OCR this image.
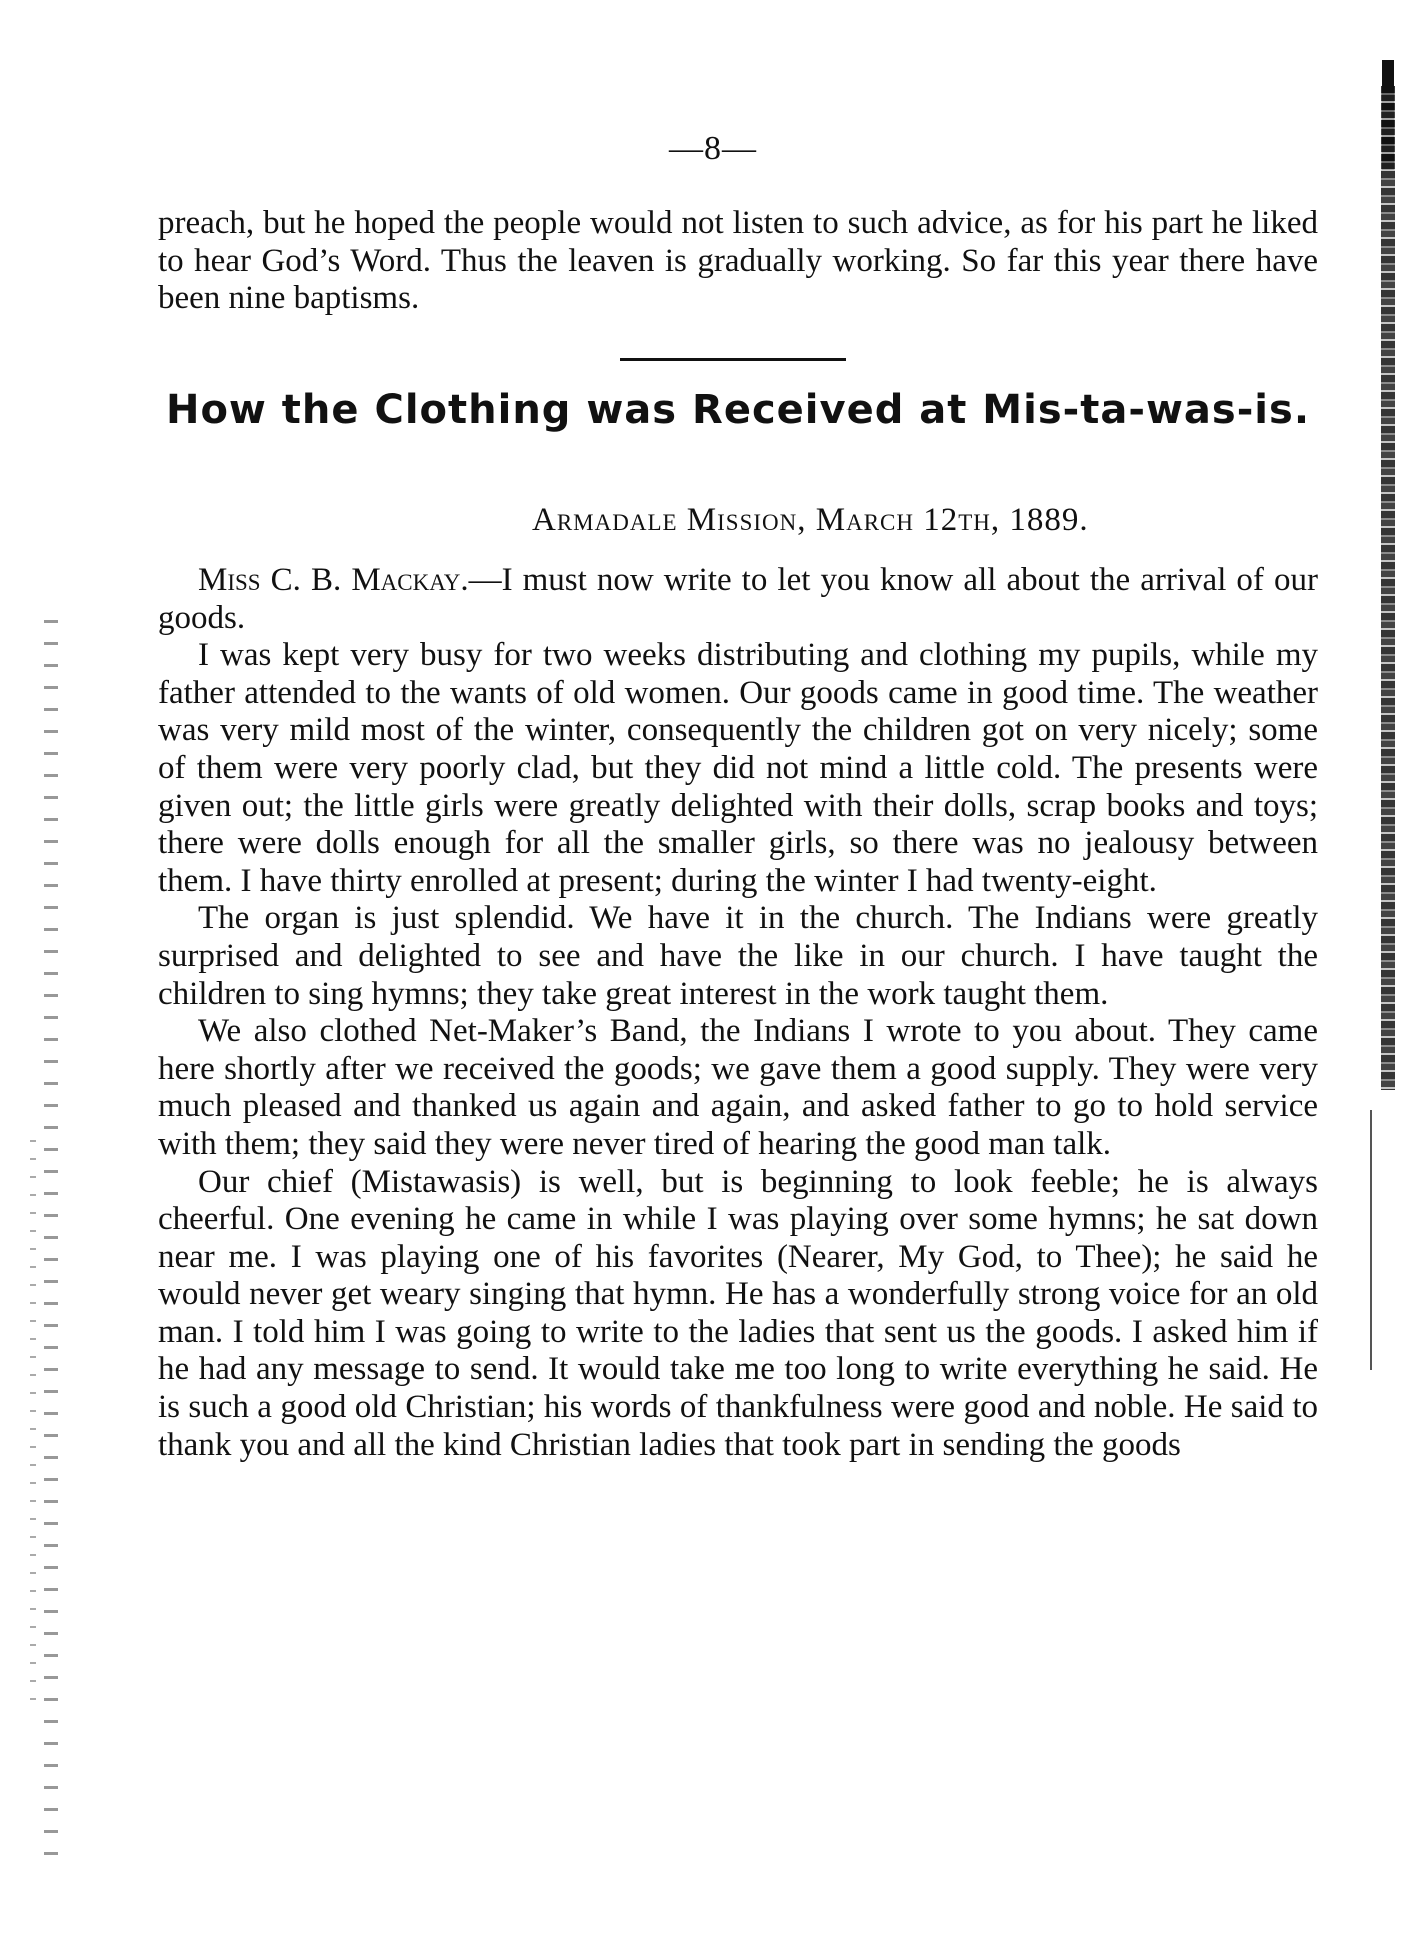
—8—

preach, but he hoped the people would not listen to such advice, as for his part he liked to hear God’s Word. Thus the leaven is gradually working. So far this year there have been nine baptisms.

How the Clothing was Received at Mis-ta-was-is.
Armadale Mission, March 12th, 1889.

Miss C. B. Mackay.—I must now write to let you know all about the arrival of our goods.

I was kept very busy for two weeks distributing and clothing my pupils, while my father attended to the wants of old women. Our goods came in good time. The weather was very mild most of the winter, consequently the children got on very nicely; some of them were very poorly clad, but they did not mind a little cold. The presents were given out; the little girls were greatly delighted with their dolls, scrap books and toys; there were dolls enough for all the smaller girls, so there was no jealousy between them. I have thirty enrolled at present; during the winter I had twenty-eight.

The organ is just splendid. We have it in the church. The Indians were greatly surprised and delighted to see and have the like in our church. I have taught the children to sing hymns; they take great interest in the work taught them.

We also clothed Net-Maker’s Band, the Indians I wrote to you about. They came here shortly after we received the goods; we gave them a good supply. They were very much pleased and thanked us again and again, and asked father to go to hold service with them; they said they were never tired of hearing the good man talk.

Our chief (Mistawasis) is well, but is beginning to look feeble; he is always cheerful. One evening he came in while I was playing over some hymns; he sat down near me. I was playing one of his favorites (Nearer, My God, to Thee); he said he would never get weary singing that hymn. He has a wonderfully strong voice for an old man. I told him I was going to write to the ladies that sent us the goods. I asked him if he had any message to send. It would take me too long to write everything he said. He is such a good old Christian; his words of thankfulness were good and noble. He said to thank you and all the kind Christian ladies that took part in sending the goods
